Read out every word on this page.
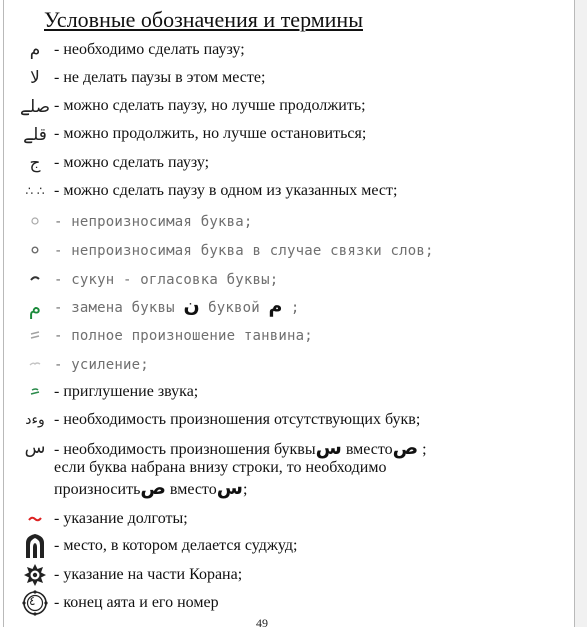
Условные обозначения и термины
م - необходимо сделать паузу;
لا - не делать паузы в этом месте;
صلے - можно сделать паузу, но лучше продолжить;
قلے - можно продолжить, но лучше остановиться;
ج - можно сделать паузу;
∴ ∴ - можно сделать паузу в одном из указанных мест;
- непроизносимая буква;
- непроизносимая буква в случае связки слов;
- сукун - огласовка буквы;
م - замена буквы ن буквой م ;
- полное произношение танвина;
- усиление;
- приглушение звука;
وءد - необходимость произношения отсутствующих букв;
س - необходимость произношения буквыس вместоص ;
если буква набрана внизу строки, то необходимо
произноситьص вместоس;
- указание долготы;
- место, в котором делается суджуд;
- указание на части Корана;
٤ - конец аята и его номер
49
